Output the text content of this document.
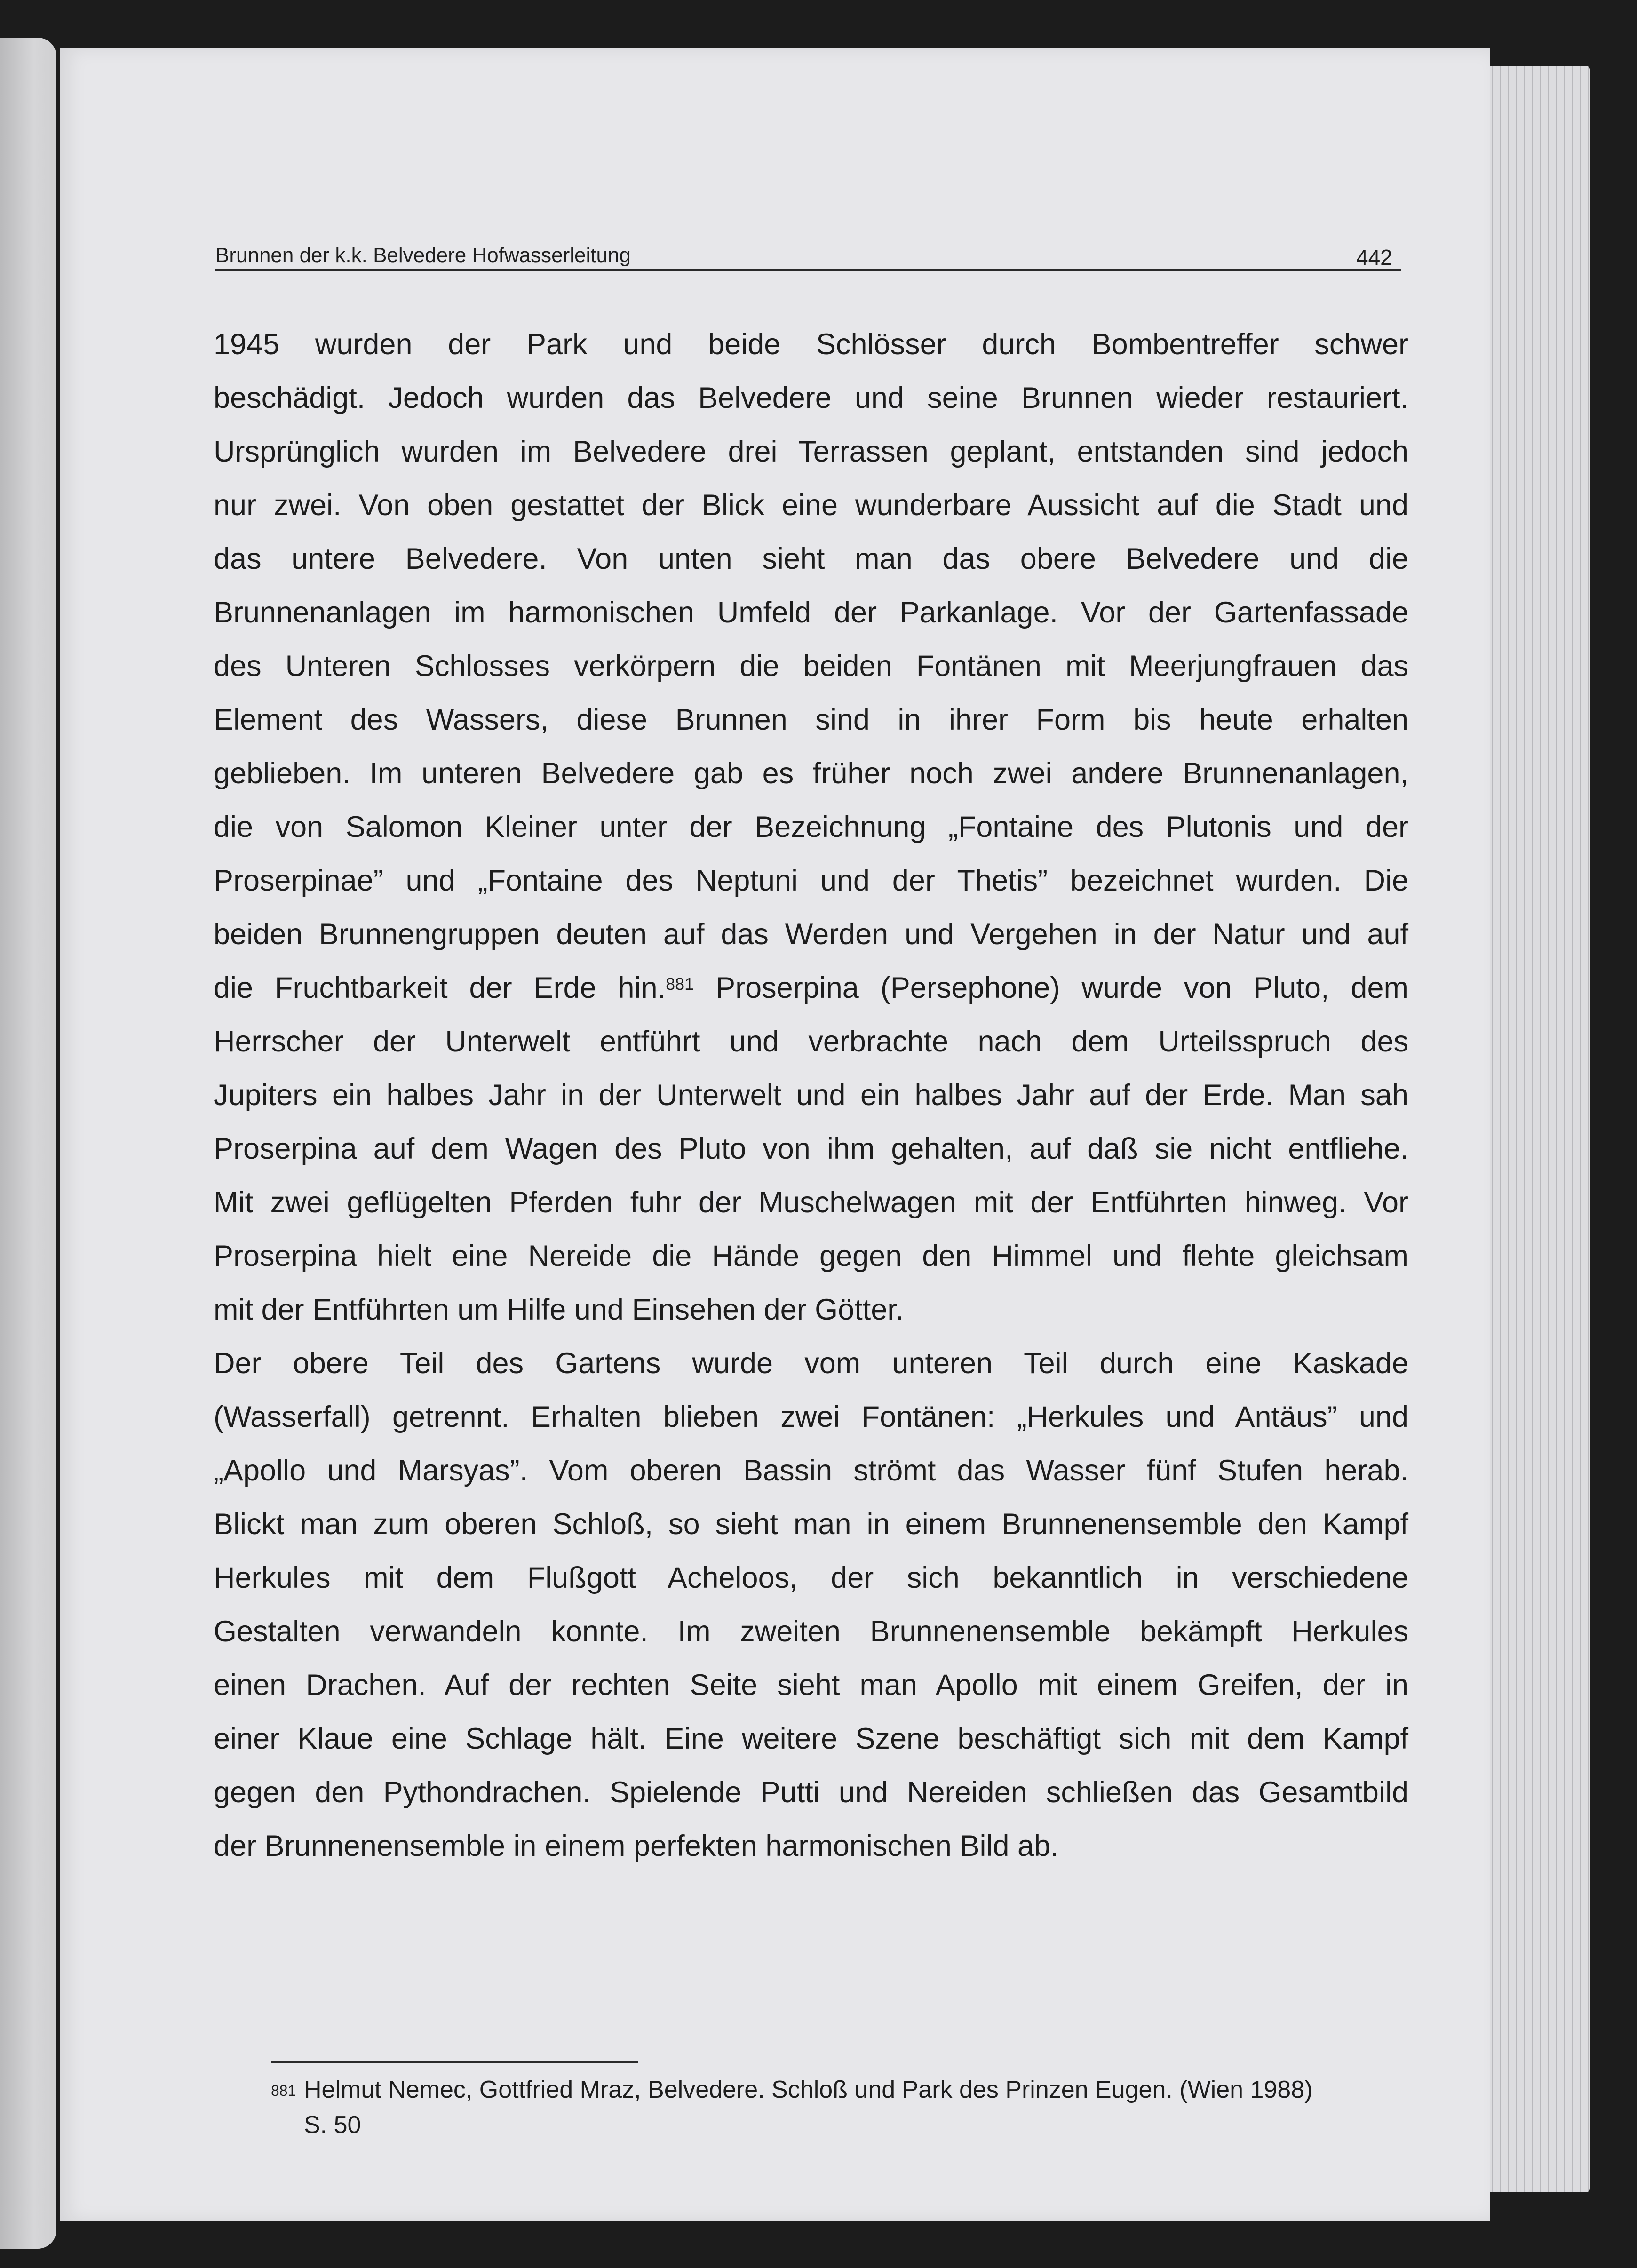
Brunnen der k.k. Belvedere Hofwasserleitung	442
1945 wurden der Park und beide Schlösser durch Bombentreffer schwer
beschädigt. Jedoch wurden das Belvedere und seine Brunnen wieder restauriert.
Ursprünglich wurden im Belvedere drei Terrassen geplant, entstanden sind jedoch
nur zwei. Von oben gestattet der Blick eine wunderbare Aussicht auf die Stadt und
das untere Belvedere. Von unten sieht man das obere Belvedere und die
Brunnenanlagen im harmonischen Umfeld der Parkanlage. Vor der Gartenfassade
des Unteren Schlosses verkörpern die beiden Fontänen mit Meerjungfrauen das
Element des Wassers, diese Brunnen sind in ihrer Form bis heute erhalten
geblieben. Im unteren Belvedere gab es früher noch zwei andere Brunnenanlagen,
die von Salomon Kleiner unter der Bezeichnung „Fontaine des Plutonis und der
Proserpinae” und „Fontaine des Neptuni und der Thetis” bezeichnet wurden. Die
beiden Brunnengruppen deuten auf das Werden und Vergehen in der Natur und auf
die Fruchtbarkeit der Erde hin.$^{881}$ Proserpina (Persephone) wurde von Pluto, dem
Herrscher der Unterwelt entführt und verbrachte nach dem Urteilsspruch des
Jupiters ein halbes Jahr in der Unterwelt und ein halbes Jahr auf der Erde. Man sah
Proserpina auf dem Wagen des Pluto von ihm gehalten, auf daß sie nicht entfliehe.
Mit zwei geflügelten Pferden fuhr der Muschelwagen mit der Entführten hinweg. Vor
Proserpina hielt eine Nereide die Hände gegen den Himmel und flehte gleichsam
mit der Entführten um Hilfe und Einsehen der Götter.
Der obere Teil des Gartens wurde vom unteren Teil durch eine Kaskade
(Wasserfall) getrennt. Erhalten blieben zwei Fontänen: „Herkules und Antäus” und
„Apollo und Marsyas”. Vom oberen Bassin strömt das Wasser fünf Stufen herab.
Blickt man zum oberen Schloß, so sieht man in einem Brunnenensemble den Kampf
Herkules mit dem Flußgott Acheloos, der sich bekanntlich in verschiedene
Gestalten verwandeln konnte. Im zweiten Brunnenensemble bekämpft Herkules
einen Drachen. Auf der rechten Seite sieht man Apollo mit einem Greifen, der in
einer Klaue eine Schlage hält. Eine weitere Szene beschäftigt sich mit dem Kampf
gegen den Pythondrachen. Spielende Putti und Nereiden schließen das Gesamtbild
der Brunnenensemble in einem perfekten harmonischen Bild ab.
881 Helmut Nemec, Gottfried Mraz, Belvedere. Schloß und Park des Prinzen Eugen. (Wien 1988)
S. 50
